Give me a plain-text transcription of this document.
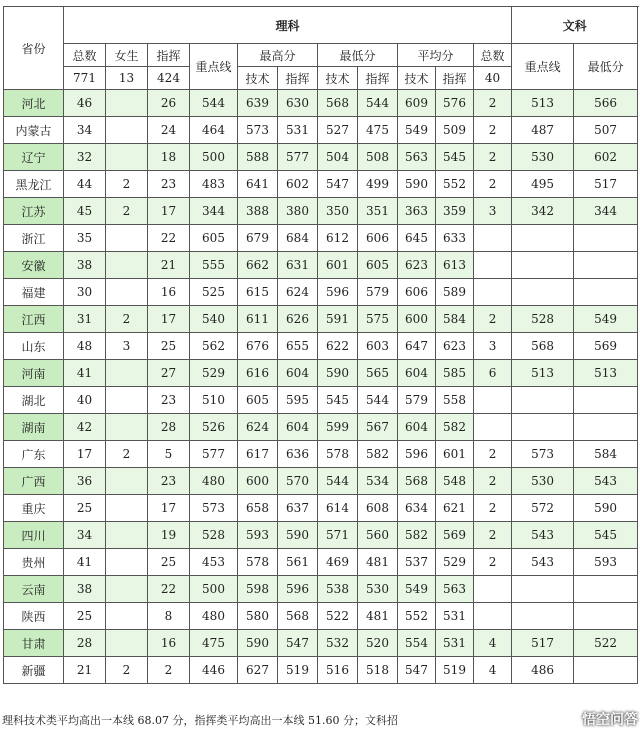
省份	理科											文科	
	总数	女生	指挥	重点线	最高分		最低分		平均分		总数	重点线	最低分
	771	13	424		技术	指挥	技术	指挥	技术	指挥	40		
河北	46		26	544	639	630	568	544	609	576	2	513	566
内蒙古	34		24	464	573	531	527	475	549	509	2	487	507
辽宁	32		18	500	588	577	504	508	563	545	2	530	602
黑龙江	44	2	23	483	641	602	547	499	590	552	2	495	517
江苏	45	2	17	344	388	380	350	351	363	359	3	342	344
浙江	35		22	605	679	684	612	606	645	633			
安徽	38		21	555	662	631	601	605	623	613			
福建	30		16	525	615	624	596	579	606	589			
江西	31	2	17	540	611	626	591	575	600	584	2	528	549
山东	48	3	25	562	676	655	622	603	647	623	3	568	569
河南	41		27	529	616	604	590	565	604	585	6	513	513
湖北	40		23	510	605	595	545	544	579	558			
湖南	42		28	526	624	604	599	567	604	582			
广东	17	2	5	577	617	636	578	582	596	601	2	573	584
广西	36		23	480	600	570	544	534	568	548	2	530	543
重庆	25		17	573	658	637	614	608	634	621	2	572	590
四川	34		19	528	593	590	571	560	582	569	2	543	545
贵州	41		25	453	578	561	469	481	537	529	2	543	593
云南	38		22	500	598	596	538	530	549	563			
陕西	25		8	480	580	568	522	481	552	531			
甘肃	28		16	475	590	547	532	520	554	531	4	517	522
新疆	21	2	2	446	627	519	516	518	547	519	4	486	
理科技术类平均高出一本线 68.07 分，指挥类平均高出一本线 51.60 分；文科招	悟空问答
